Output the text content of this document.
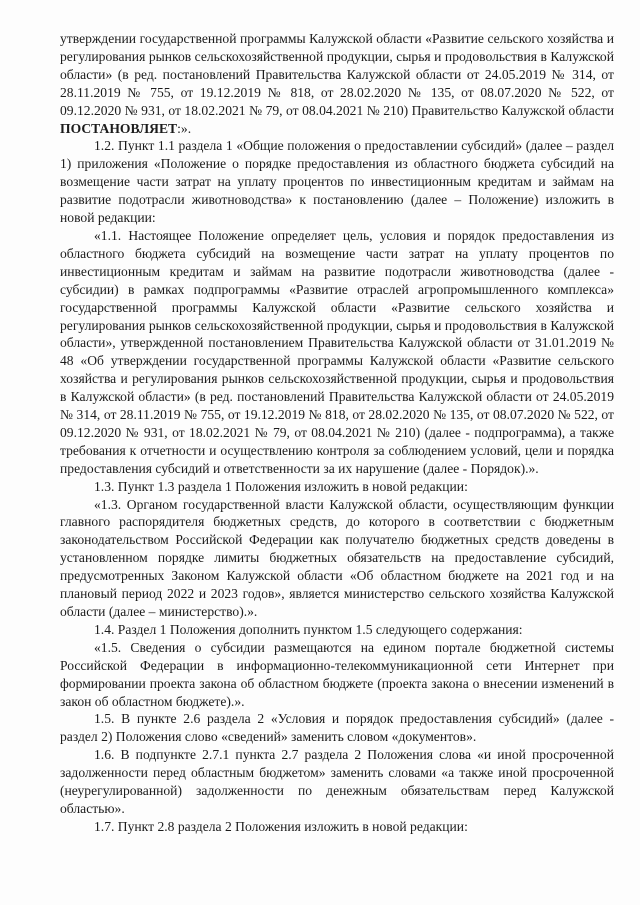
утверждении государственной программы Калужской области «Развитие сельского хозяйства и регулирования рынков сельскохозяйственной продукции, сырья и продовольствия в Калужской области» (в ред. постановлений Правительства Калужской области от 24.05.2019 № 314, от 28.11.2019 № 755, от 19.12.2019 № 818, от 28.02.2020 № 135, от 08.07.2020 № 522, от 09.12.2020 № 931, от 18.02.2021 № 79, от 08.04.2021 № 210) Правительство Калужской области ПОСТАНОВЛЯЕТ:».

1.2. Пункт 1.1 раздела 1 «Общие положения о предоставлении субсидий» (далее – раздел 1) приложения «Положение о порядке предоставления из областного бюджета субсидий на возмещение части затрат на уплату процентов по инвестиционным кредитам и займам на развитие подотрасли животноводства» к постановлению (далее – Положение) изложить в новой редакции:

«1.1. Настоящее Положение определяет цель, условия и порядок предоставления из областного бюджета субсидий на возмещение части затрат на уплату процентов по инвестиционным кредитам и займам на развитие подотрасли животноводства (далее - субсидии) в рамках подпрограммы «Развитие отраслей агропромышленного комплекса» государственной программы Калужской области «Развитие сельского хозяйства и регулирования рынков сельскохозяйственной продукции, сырья и продовольствия в Калужской области», утвержденной постановлением Правительства Калужской области от 31.01.2019 № 48 «Об утверждении государственной программы Калужской области «Развитие сельского хозяйства и регулирования рынков сельскохозяйственной продукции, сырья и продовольствия в Калужской области» (в ред. постановлений Правительства Калужской области от 24.05.2019 № 314, от 28.11.2019 № 755, от 19.12.2019 № 818, от 28.02.2020 № 135, от 08.07.2020 № 522, от 09.12.2020 № 931, от 18.02.2021 № 79, от 08.04.2021 № 210) (далее - подпрограмма), а также требования к отчетности и осуществлению контроля за соблюдением условий, цели и порядка предоставления субсидий и ответственности за их нарушение (далее - Порядок).».

1.3. Пункт 1.3 раздела 1 Положения изложить в новой редакции:

«1.3. Органом государственной власти Калужской области, осуществляющим функции главного распорядителя бюджетных средств, до которого в соответствии с бюджетным законодательством Российской Федерации как получателю бюджетных средств доведены в установленном порядке лимиты бюджетных обязательств на предоставление субсидий, предусмотренных Законом Калужской области «Об областном бюджете на 2021 год и на плановый период 2022 и 2023 годов», является министерство сельского хозяйства Калужской области (далее – министерство).».

1.4. Раздел 1 Положения дополнить пунктом 1.5 следующего содержания:

«1.5. Сведения о субсидии размещаются на едином портале бюджетной системы Российской Федерации в информационно-телекоммуникационной сети Интернет при формировании проекта закона об областном бюджете (проекта закона о внесении изменений в закон об областном бюджете).».

1.5. В пункте 2.6 раздела 2 «Условия и порядок предоставления субсидий» (далее - раздел 2) Положения слово «сведений» заменить словом «документов».

1.6. В подпункте 2.7.1 пункта 2.7 раздела 2 Положения слова «и иной просроченной задолженности перед областным бюджетом» заменить словами «а также иной просроченной (неурегулированной) задолженности по денежным обязательствам перед Калужской областью».

1.7. Пункт 2.8 раздела 2 Положения изложить в новой редакции:
